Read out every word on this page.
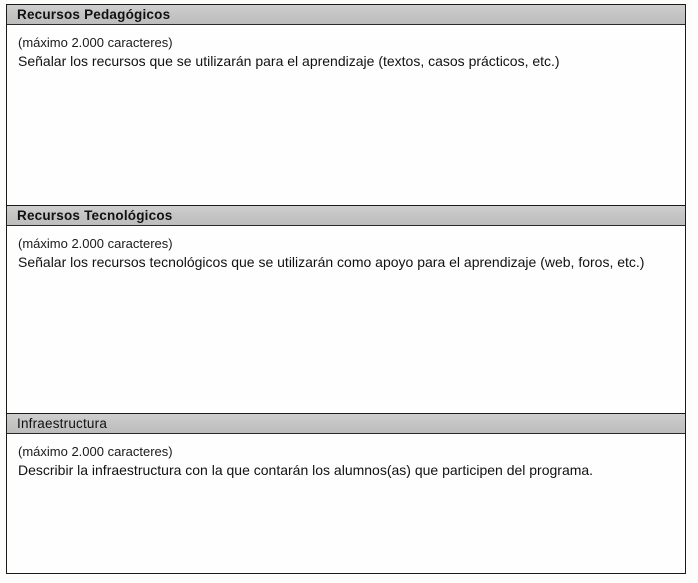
Recursos Pedagógicos

(máximo 2.000 caracteres)

Señalar los recursos que se utilizarán para el aprendizaje (textos, casos prácticos, etc.)

Recursos Tecnológicos

(máximo 2.000 caracteres)

Señalar los recursos tecnológicos que se utilizarán como apoyo para el aprendizaje (web, foros, etc.)

Infraestructura

(máximo 2.000 caracteres)

Describir la infraestructura con la que contarán los alumnos(as) que participen del programa.
